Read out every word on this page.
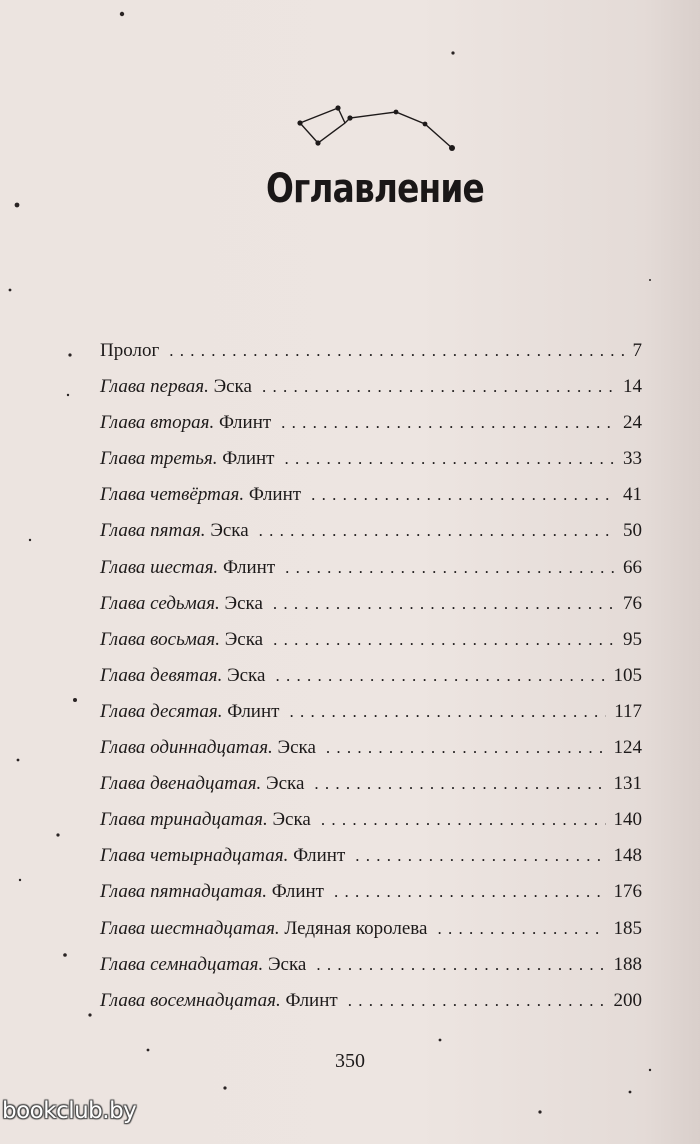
Оглавление
Пролог . . .	7
Глава первая. Эска . . .	14
Глава вторая. Флинт . . .	24
Глава третья. Флинт . . .	33
Глава четвёртая. Флинт . . .	41
Глава пятая. Эска . . .	50
Глава шестая. Флинт . . .	66
Глава седьмая. Эска . . .	76
Глава восьмая. Эска . . .	95
Глава девятая. Эска . . .	105
Глава десятая. Флинт . . .	117
Глава одиннадцатая. Эска . . .	124
Глава двенадцатая. Эска . . .	131
Глава тринадцатая. Эска . . .	140
Глава четырнадцатая. Флинт . . .	148
Глава пятнадцатая. Флинт . . .	176
Глава шестнадцатая. Ледяная королева . . .	185
Глава семнадцатая. Эска . . .	188
Глава восемнадцатая. Флинт . . .	200
350
bookclub.by
